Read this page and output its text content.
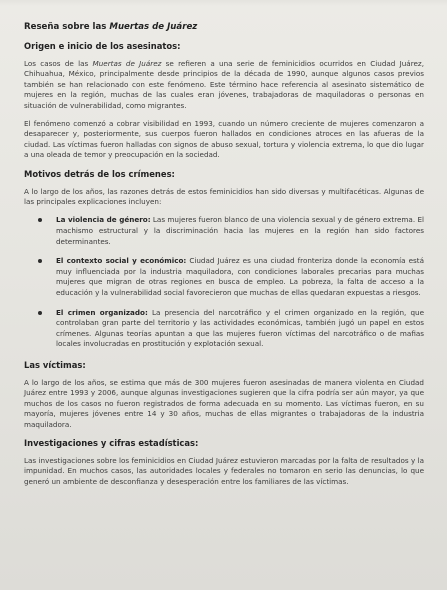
Reseña sobre las Muertas de Juárez
Origen e inicio de los asesinatos:
Los casos de las Muertas de Juárez se refieren a una serie de feminicidios ocurridos en Ciudad Juárez, Chihuahua, México, principalmente desde principios de la década de 1990, aunque algunos casos previos también se han relacionado con este fenómeno. Este término hace referencia al asesinato sistemático de mujeres en la región, muchas de las cuales eran jóvenes, trabajadoras de maquiladoras o personas en situación de vulnerabilidad, como migrantes.
El fenómeno comenzó a cobrar visibilidad en 1993, cuando un número creciente de mujeres comenzaron a desaparecer y, posteriormente, sus cuerpos fueron hallados en condiciones atroces en las afueras de la ciudad. Las víctimas fueron halladas con signos de abuso sexual, tortura y violencia extrema, lo que dio lugar a una oleada de temor y preocupación en la sociedad.
Motivos detrás de los crímenes:
A lo largo de los años, las razones detrás de estos feminicidios han sido diversas y multifacéticas. Algunas de las principales explicaciones incluyen:
La violencia de género: Las mujeres fueron blanco de una violencia sexual y de género extrema. El machismo estructural y la discriminación hacia las mujeres en la región han sido factores determinantes.
El contexto social y económico: Ciudad Juárez es una ciudad fronteriza donde la economía está muy influenciada por la industria maquiladora, con condiciones laborales precarias para muchas mujeres que migran de otras regiones en busca de empleo. La pobreza, la falta de acceso a la educación y la vulnerabilidad social favorecieron que muchas de ellas quedaran expuestas a riesgos.
El crimen organizado: La presencia del narcotráfico y el crimen organizado en la región, que controlaban gran parte del territorio y las actividades económicas, también jugó un papel en estos crímenes. Algunas teorías apuntan a que las mujeres fueron víctimas del narcotráfico o de mafias locales involucradas en prostitución y explotación sexual.
Las víctimas:
A lo largo de los años, se estima que más de 300 mujeres fueron asesinadas de manera violenta en Ciudad Juárez entre 1993 y 2006, aunque algunas investigaciones sugieren que la cifra podría ser aún mayor, ya que muchos de los casos no fueron registrados de forma adecuada en su momento. Las víctimas fueron, en su mayoría, mujeres jóvenes entre 14 y 30 años, muchas de ellas migrantes o trabajadoras de la industria maquiladora.
Investigaciones y cifras estadísticas:
Las investigaciones sobre los feminicidios en Ciudad Juárez estuvieron marcadas por la falta de resultados y la impunidad. En muchos casos, las autoridades locales y federales no tomaron en serio las denuncias, lo que generó un ambiente de desconfianza y desesperación entre los familiares de las víctimas.
